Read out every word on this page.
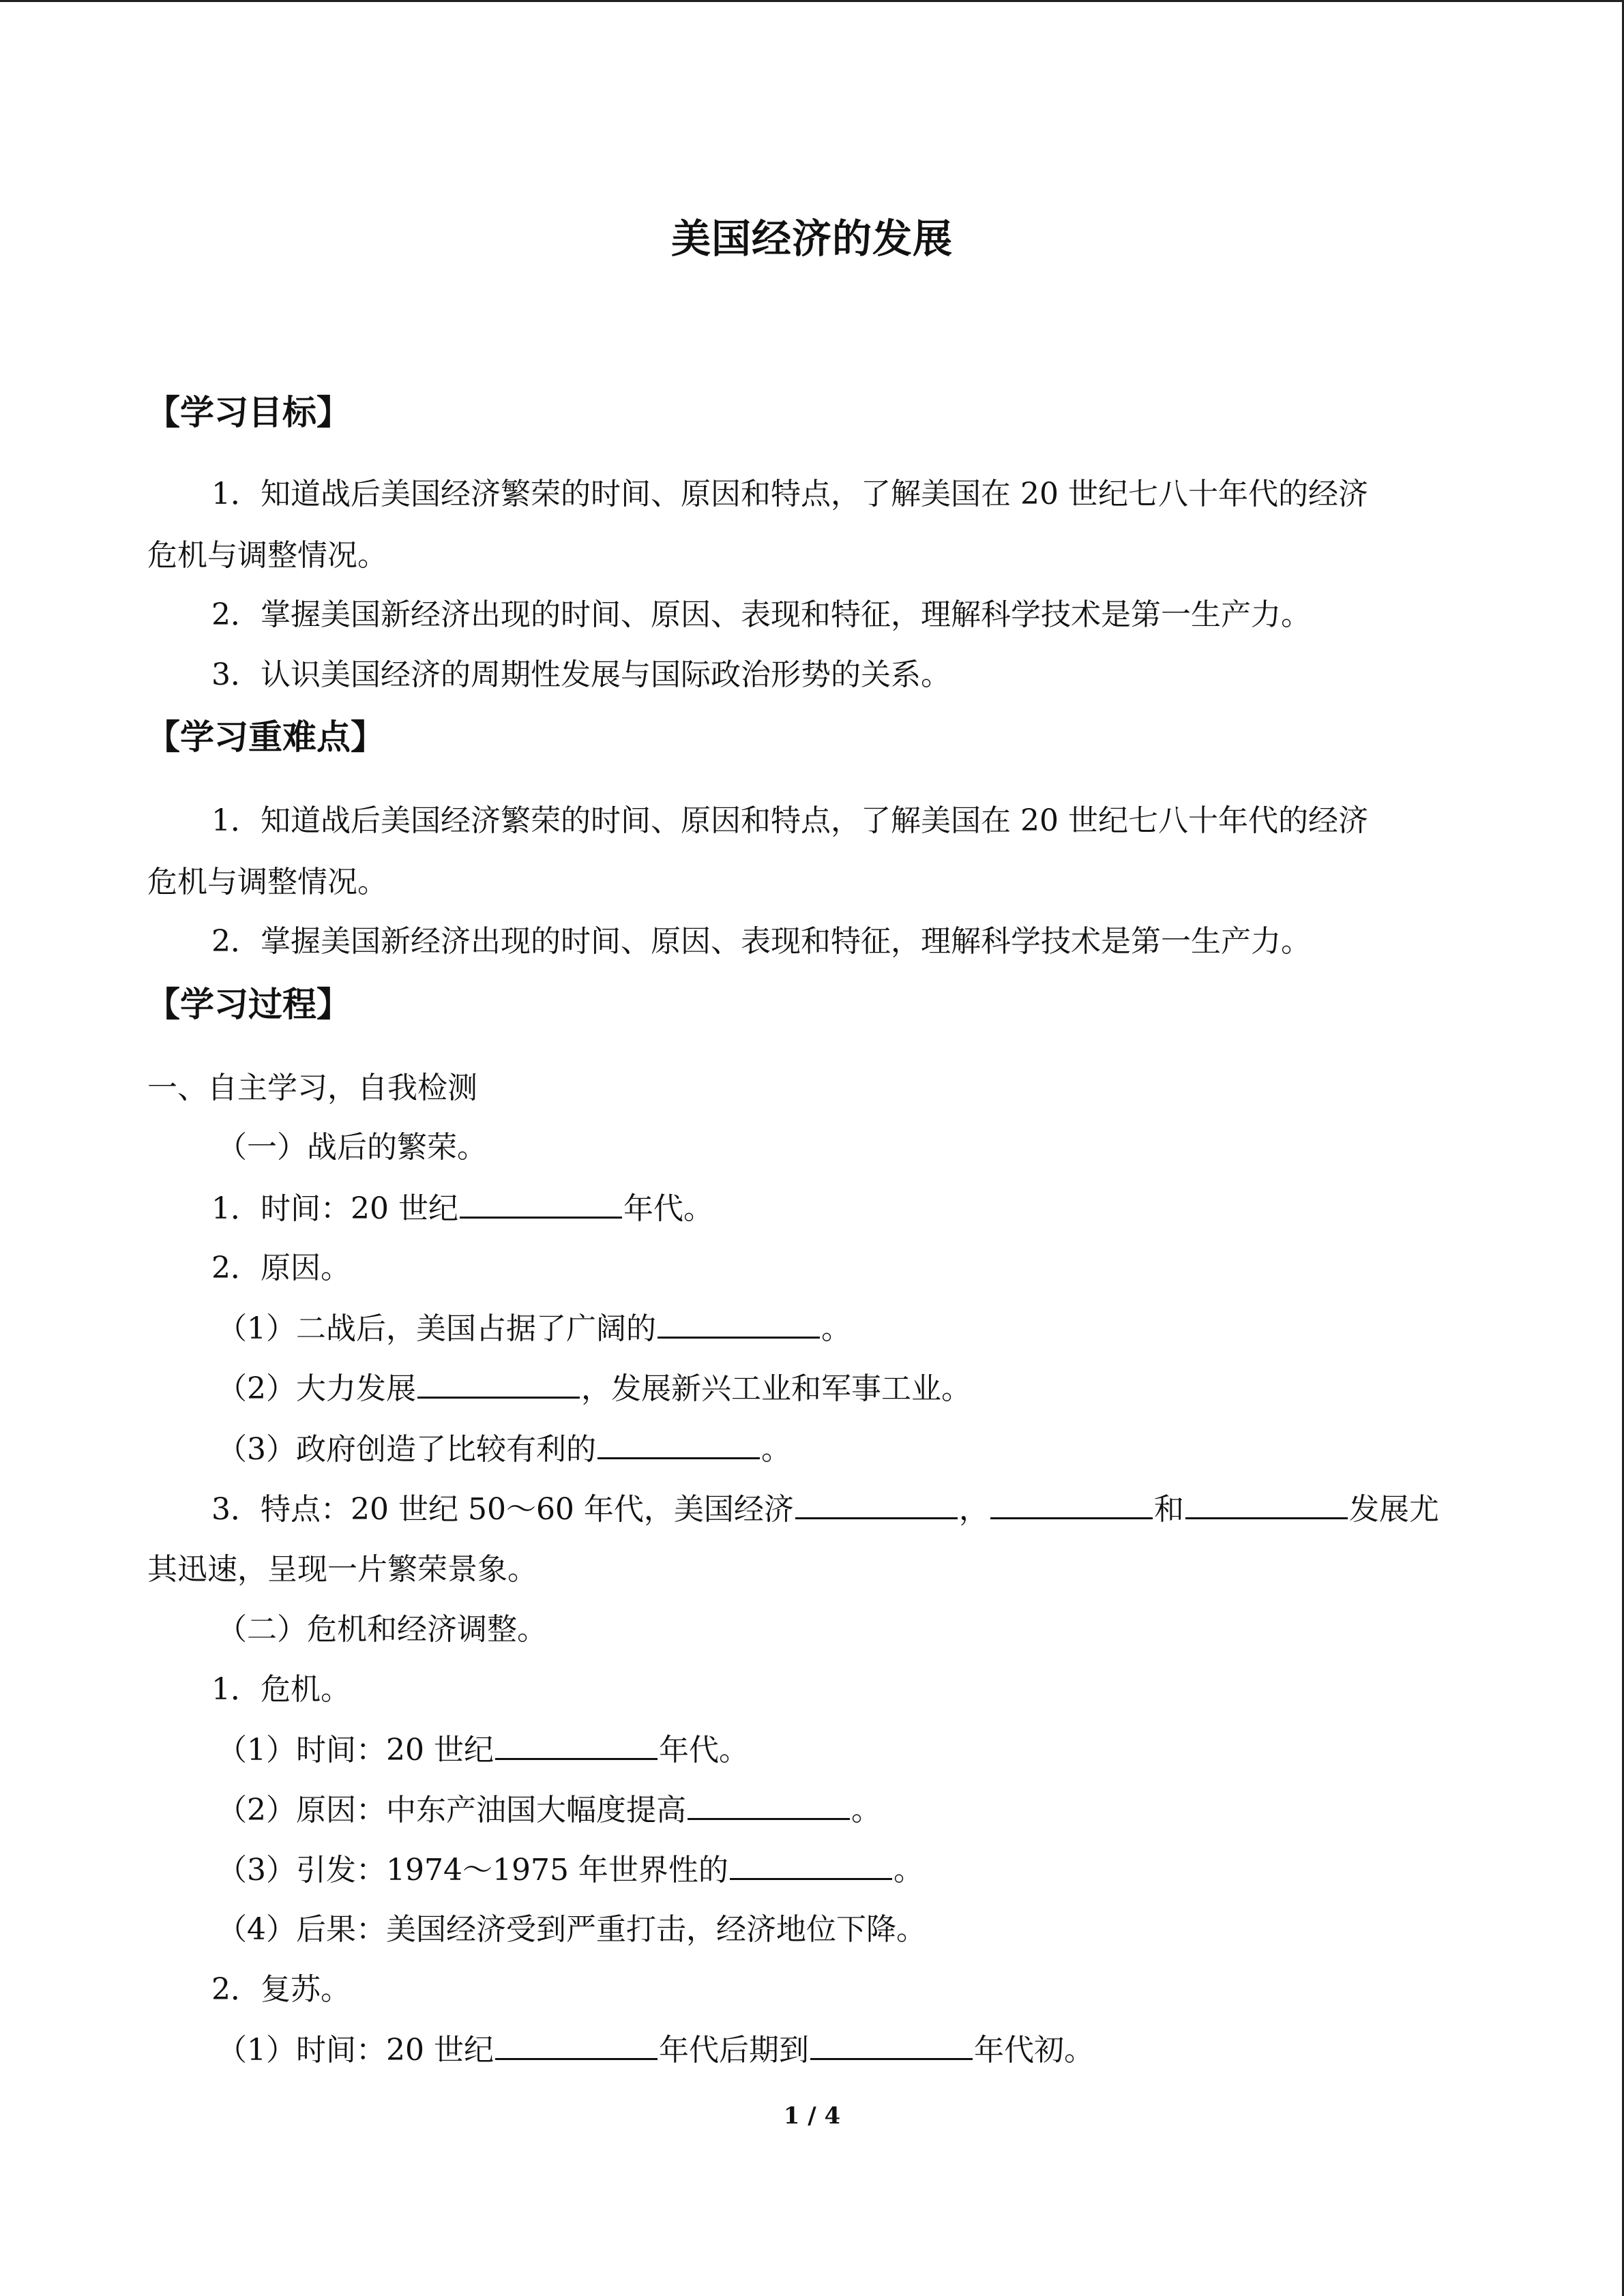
美国经济的发展
【学习目标】
1．知道战后美国经济繁荣的时间、原因和特点，了解美国在 20 世纪七八十年代的经济
危机与调整情况。
2．掌握美国新经济出现的时间、原因、表现和特征，理解科学技术是第一生产力。
3．认识美国经济的周期性发展与国际政治形势的关系。
【学习重难点】
1．知道战后美国经济繁荣的时间、原因和特点，了解美国在 20 世纪七八十年代的经济
危机与调整情况。
2．掌握美国新经济出现的时间、原因、表现和特征，理解科学技术是第一生产力。
【学习过程】
一、自主学习，自我检测
（一）战后的繁荣。
1．时间：20 世纪	年代。
2．原因。
（1）二战后，美国占据了广阔的	。
（2）大力发展	，发展新兴工业和军事工业。
（3）政府创造了比较有利的	。
3．特点：20 世纪 50～60 年代，美国经济	，	和	发展尤
其迅速，呈现一片繁荣景象。
（二）危机和经济调整。
1．危机。
（1）时间：20 世纪	年代。
（2）原因：中东产油国大幅度提高	。
（3）引发：1974～1975 年世界性的	。
（4）后果：美国经济受到严重打击，经济地位下降。
2．复苏。
（1）时间：20 世纪	年代后期到	年代初。
1 / 4
